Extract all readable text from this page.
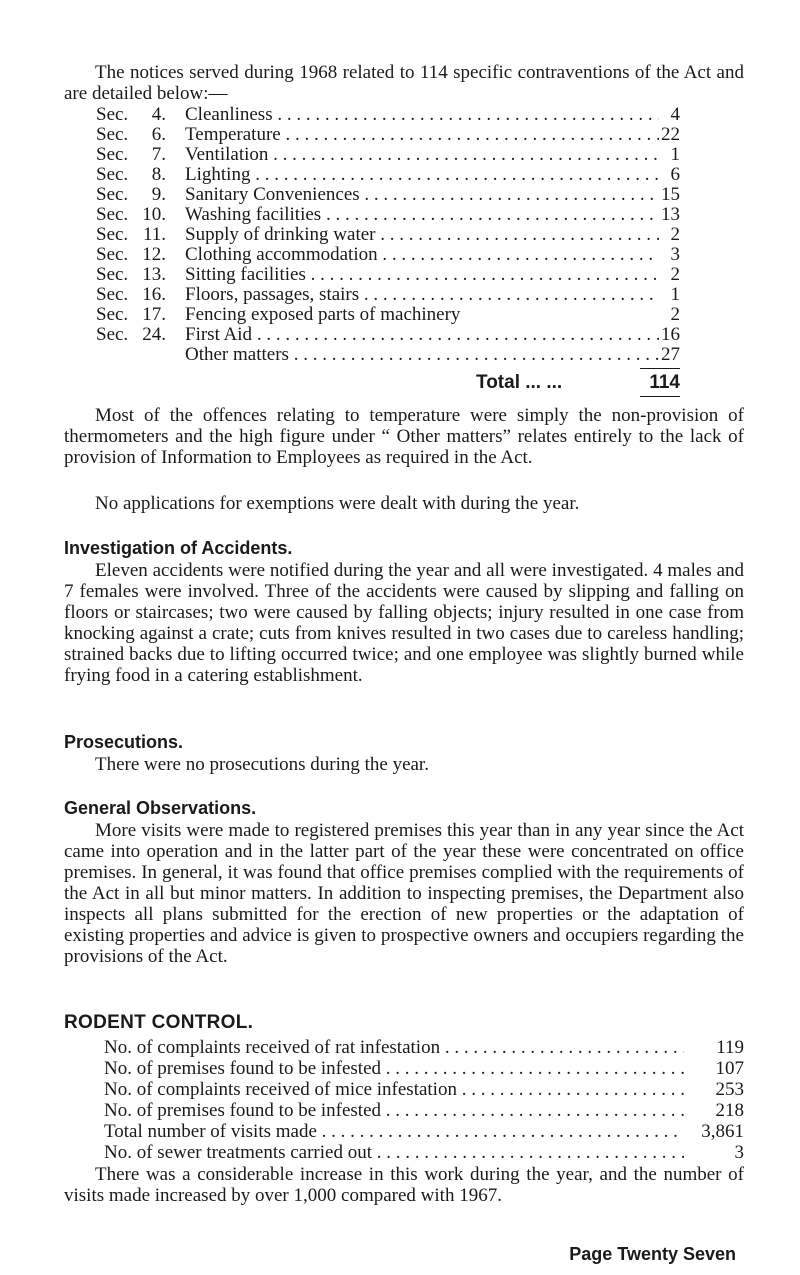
The notices served during 1968 related to 114 specific contraventions of the Act and are detailed below:—

Sec.	4. Cleanliness . . .	4
Sec.	6. Temperature . . .	22
Sec.	7. Ventilation . . .	1
Sec.	8. Lighting . . .	6
Sec.	9. Sanitary Conveniences . . .	15
Sec. 10. Washing facilities . . .	13
Sec. 11. Supply of drinking water . . .	2
Sec. 12. Clothing accommodation . . .	3
Sec. 13. Sitting facilities . . .	2
Sec. 16. Floors, passages, stairs . . .	1
Sec. 17. Fencing exposed parts of machinery	2
Sec. 24. First Aid . . .	16
Other matters . . .	27
Total ... ...	114

Most of the offences relating to temperature were simply the non-provision of thermometers and the high figure under “ Other matters” relates entirely to the lack of provision of Information to Employees as required in the Act.

No applications for exemptions were dealt with during the year.

Investigation of Accidents.

Eleven accidents were notified during the year and all were investigated. 4 males and 7 females were involved. Three of the accidents were caused by slipping and falling on floors or staircases; two were caused by falling objects; injury resulted in one case from knocking against a crate; cuts from knives resulted in two cases due to careless handling; strained backs due to lifting occurred twice; and one employee was slightly burned while frying food in a catering establishment.

Prosecutions.

There were no prosecutions during the year.

General Observations.

More visits were made to registered premises this year than in any year since the Act came into operation and in the latter part of the year these were concentrated on office premises. In general, it was found that office premises complied with the requirements of the Act in all but minor matters. In addition to inspecting premises, the Department also inspects all plans submitted for the erection of new properties or the adaptation of existing properties and advice is given to prospective owners and occupiers regarding the provisions of the Act.

RODENT CONTROL.
No. of complaints received of rat infestation . . .	119
No. of premises found to be infested . . .	107
No. of complaints received of mice infestation . . .	253
No. of premises found to be infested . . .	218
Total number of visits made . . .	3,861
No. of sewer treatments carried out . . .	3

There was a considerable increase in this work during the year, and the number of visits made increased by over 1,000 compared with 1967.

Page Twenty Seven
